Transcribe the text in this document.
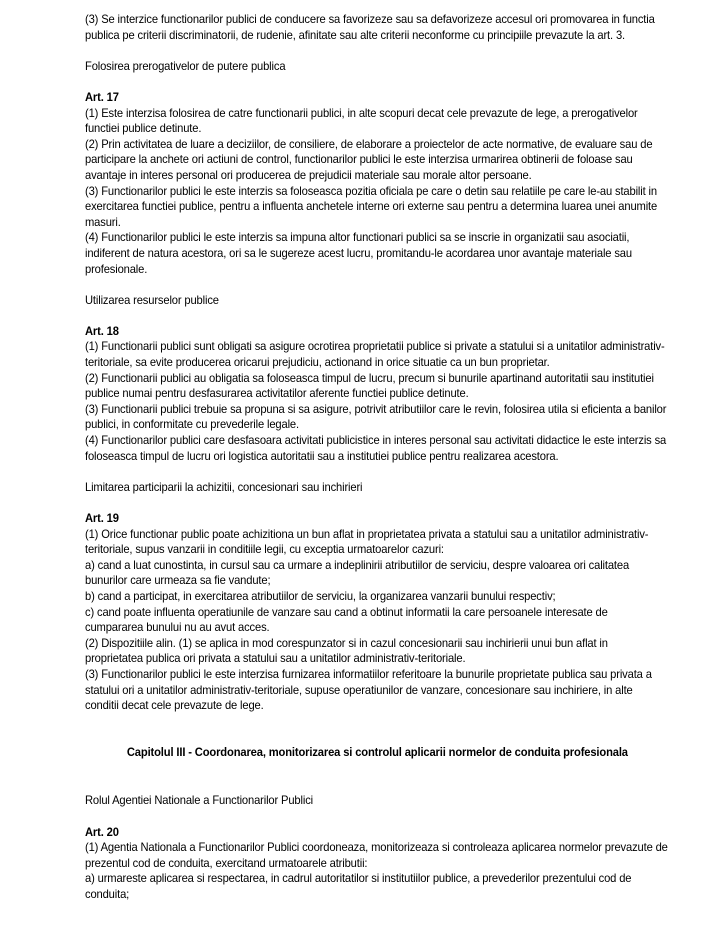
(3) Se interzice functionarilor publici de conducere sa favorizeze sau sa defavorizeze accesul ori promovarea in functia publica pe criterii discriminatorii, de rudenie, afinitate sau alte criterii neconforme cu principiile prevazute la art. 3.
Folosirea prerogativelor de putere publica
Art. 17
(1) Este interzisa folosirea de catre functionarii publici, in alte scopuri decat cele prevazute de lege, a prerogativelor functiei publice detinute.
(2) Prin activitatea de luare a deciziilor, de consiliere, de elaborare a proiectelor de acte normative, de evaluare sau de participare la anchete ori actiuni de control, functionarilor publici le este interzisa urmarirea obtinerii de foloase sau avantaje in interes personal ori producerea de prejudicii materiale sau morale altor persoane.
(3) Functionarilor publici le este interzis sa foloseasca pozitia oficiala pe care o detin sau relatiile pe care le-au stabilit in exercitarea functiei publice, pentru a influenta anchetele interne ori externe sau pentru a determina luarea unei anumite masuri.
(4) Functionarilor publici le este interzis sa impuna altor functionari publici sa se inscrie in organizatii sau asociatii, indiferent de natura acestora, ori sa le sugereze acest lucru, promitandu-le acordarea unor avantaje materiale sau profesionale.
Utilizarea resurselor publice
Art. 18
(1) Functionarii publici sunt obligati sa asigure ocrotirea proprietatii publice si private a statului si a unitatilor administrativ-teritoriale, sa evite producerea oricarui prejudiciu, actionand in orice situatie ca un bun proprietar.
(2) Functionarii publici au obligatia sa foloseasca timpul de lucru, precum si bunurile apartinand autoritatii sau institutiei publice numai pentru desfasurarea activitatilor aferente functiei publice detinute.
(3) Functionarii publici trebuie sa propuna si sa asigure, potrivit atributiilor care le revin, folosirea utila si eficienta a banilor publici, in conformitate cu prevederile legale.
(4) Functionarilor publici care desfasoara activitati publicistice in interes personal sau activitati didactice le este interzis sa foloseasca timpul de lucru ori logistica autoritatii sau a institutiei publice pentru realizarea acestora.
Limitarea participarii la achizitii, concesionari sau inchirieri
Art. 19
(1) Orice functionar public poate achizitiona un bun aflat in proprietatea privata a statului sau a unitatilor administrativ-teritoriale, supus vanzarii in conditiile legii, cu exceptia urmatoarelor cazuri:
a) cand a luat cunostinta, in cursul sau ca urmare a indeplinirii atributiilor de serviciu, despre valoarea ori calitatea bunurilor care urmeaza sa fie vandute;
b) cand a participat, in exercitarea atributiilor de serviciu, la organizarea vanzarii bunului respectiv;
c) cand poate influenta operatiunile de vanzare sau cand a obtinut informatii la care persoanele interesate de cumpararea bunului nu au avut acces.
(2) Dispozitiile alin. (1) se aplica in mod corespunzator si in cazul concesionarii sau inchirierii unui bun aflat in proprietatea publica ori privata a statului sau a unitatilor administrativ-teritoriale.
(3) Functionarilor publici le este interzisa furnizarea informatiilor referitoare la bunurile proprietate publica sau privata a statului ori a unitatilor administrativ-teritoriale, supuse operatiunilor de vanzare, concesionare sau inchiriere, in alte conditii decat cele prevazute de lege.
Capitolul III - Coordonarea, monitorizarea si controlul aplicarii normelor de conduita profesionala
Rolul Agentiei Nationale a Functionarilor Publici
Art. 20
(1) Agentia Nationala a Functionarilor Publici coordoneaza, monitorizeaza si controleaza aplicarea normelor prevazute de prezentul cod de conduita, exercitand urmatoarele atributii:
a) urmareste aplicarea si respectarea, in cadrul autoritatilor si institutiilor publice, a prevederilor prezentului cod de conduita;
